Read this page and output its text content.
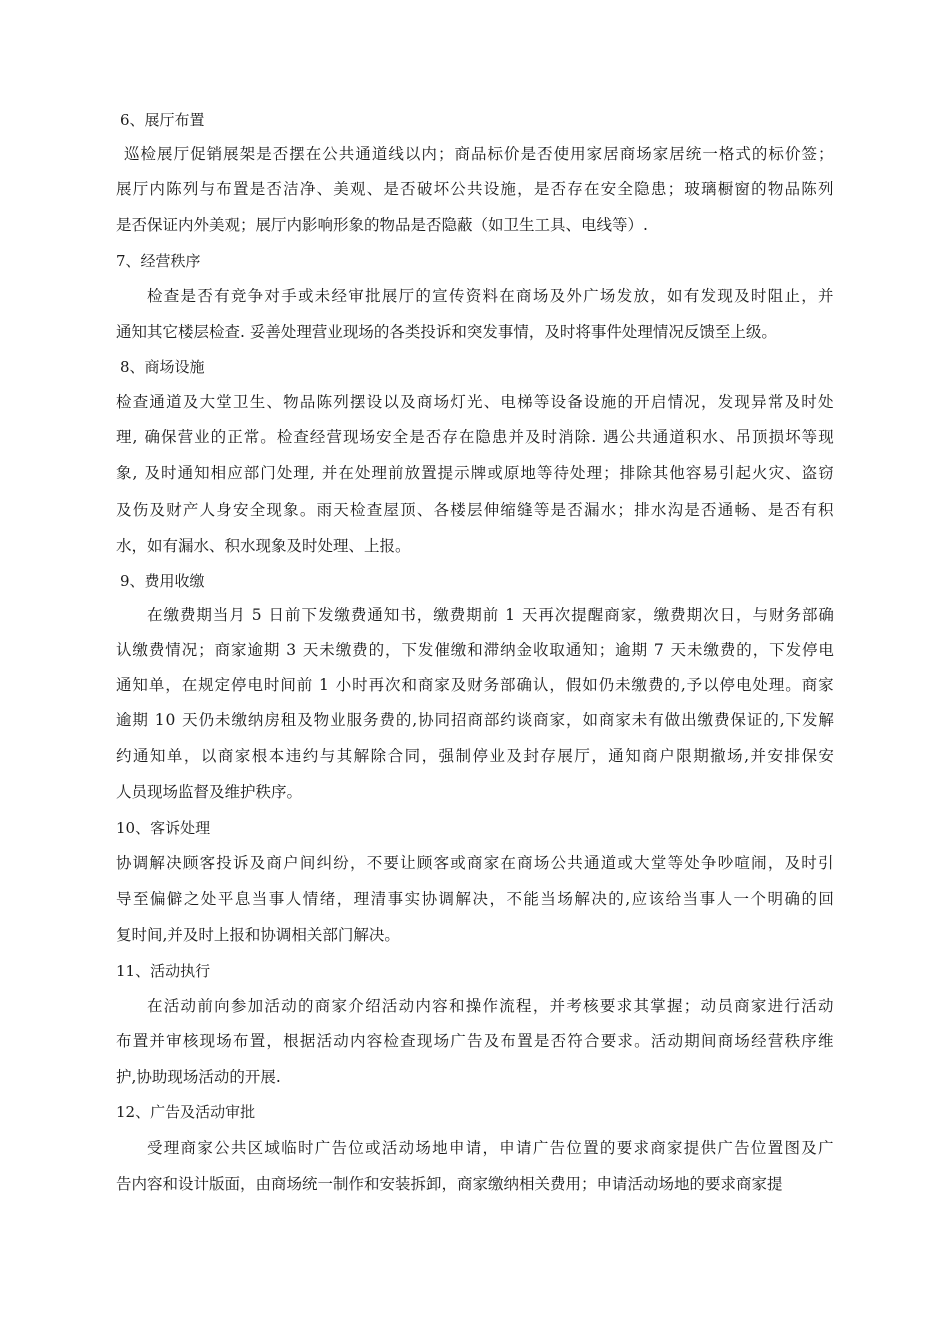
6、展厅布置
巡检展厅促销展架是否摆在公共通道线以内；商品标价是否使用家居商场家居统一格式的标价签；
展厅内陈列与布置是否洁净、美观、是否破坏公共设施，是否存在安全隐患；玻璃橱窗的物品陈列
是否保证内外美观；展厅内影响形象的物品是否隐蔽（如卫生工具、电线等）.
7、经营秩序
检查是否有竞争对手或未经审批展厅的宣传资料在商场及外广场发放，如有发现及时阻止，并
通知其它楼层检查. 妥善处理营业现场的各类投诉和突发事情，及时将事件处理情况反馈至上级。
8、商场设施
检查通道及大堂卫生、物品陈列摆设以及商场灯光、电梯等设备设施的开启情况，发现异常及时处
理, 确保营业的正常。检查经营现场安全是否存在隐患并及时消除. 遇公共通道积水、吊顶损坏等现
象, 及时通知相应部门处理, 并在处理前放置提示牌或原地等待处理；排除其他容易引起火灾、盗窃
及伤及财产人身安全现象。雨天检查屋顶、各楼层伸缩缝等是否漏水；排水沟是否通畅、是否有积
水，如有漏水、积水现象及时处理、上报。
9、费用收缴
在缴费期当月 5 日前下发缴费通知书，缴费期前 1 天再次提醒商家，缴费期次日，与财务部确
认缴费情况；商家逾期 3 天未缴费的，下发催缴和滞纳金收取通知；逾期 7 天未缴费的，下发停电
通知单，在规定停电时间前 1 小时再次和商家及财务部确认，假如仍未缴费的,予以停电处理。商家
逾期 10 天仍未缴纳房租及物业服务费的,协同招商部约谈商家，如商家未有做出缴费保证的,下发解
约通知单，以商家根本违约与其解除合同，强制停业及封存展厅，通知商户限期撤场,并安排保安
人员现场监督及维护秩序。
10、客诉处理
协调解决顾客投诉及商户间纠纷，不要让顾客或商家在商场公共通道或大堂等处争吵喧闹，及时引
导至偏僻之处平息当事人情绪，理清事实协调解决，不能当场解决的,应该给当事人一个明确的回
复时间,并及时上报和协调相关部门解决。
11、活动执行
在活动前向参加活动的商家介绍活动内容和操作流程，并考核要求其掌握；动员商家进行活动
布置并审核现场布置，根据活动内容检查现场广告及布置是否符合要求。活动期间商场经营秩序维
护,协助现场活动的开展.
12、广告及活动审批
受理商家公共区域临时广告位或活动场地申请，申请广告位置的要求商家提供广告位置图及广
告内容和设计版面，由商场统一制作和安装拆卸，商家缴纳相关费用；申请活动场地的要求商家提
